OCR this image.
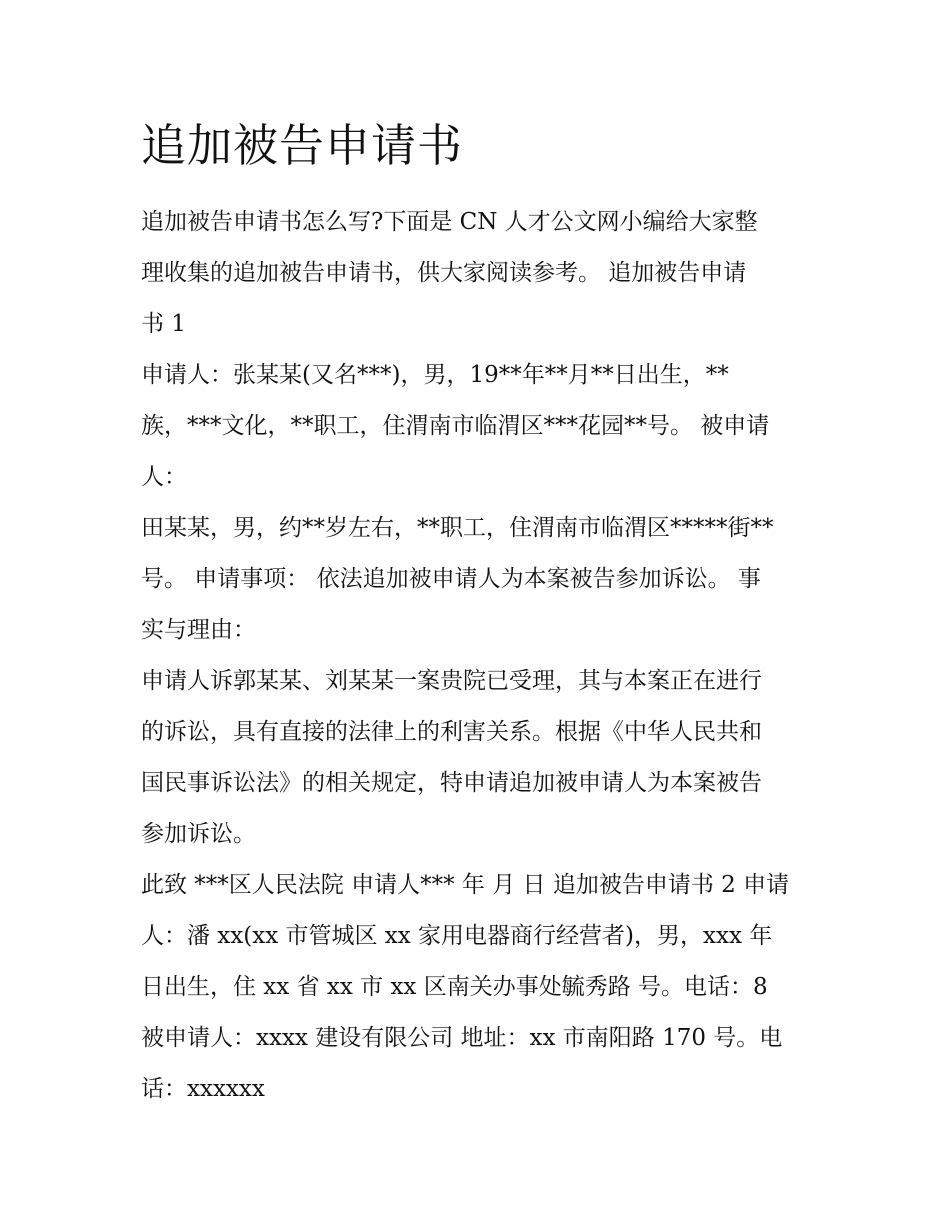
追加被告申请书

追加被告申请书怎么写?下面是 CN 人才公文网小编给大家整

理收集的追加被告申请书，供大家阅读参考。 追加被告申请

书 1

申请人：张某某(又名***)，男，19**年**月**日出生，**

族，***文化，**职工，住渭南市临渭区***花园**号。 被申请

人：

田某某，男，约**岁左右，**职工，住渭南市临渭区*****街**

号。 申请事项： 依法追加被申请人为本案被告参加诉讼。 事

实与理由：

申请人诉郭某某、刘某某一案贵院已受理，其与本案正在进行

的诉讼，具有直接的法律上的利害关系。根据《中华人民共和

国民事诉讼法》的相关规定，特申请追加被申请人为本案被告

参加诉讼。

此致 ***区人民法院 申请人*** 年 月 日 追加被告申请书 2 申请

人：潘 xx(xx 市管城区 xx 家用电器商行经营者)，男，xxx 年

日出生，住 xx 省 xx 市 xx 区南关办事处毓秀路 号。电话：8

被申请人：xxxx 建设有限公司 地址：xx 市南阳路 170 号。电

话：xxxxxx
